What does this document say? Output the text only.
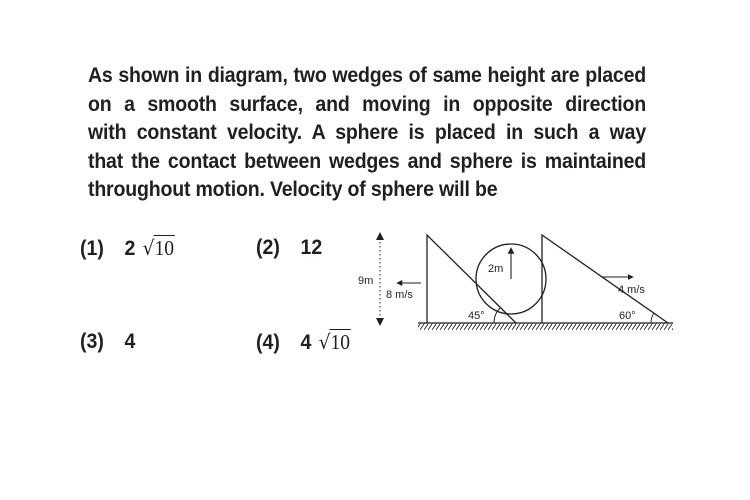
As shown in diagram, two wedges of same height are placed
on a smooth surface, and moving in opposite direction
with constant velocity. A sphere is placed in such a way
that the contact between wedges and sphere is maintained
throughout motion. Velocity of sphere will be
(1) 2 √10	(2) 12
(3) 4	(4) 4 √10
2m
9m
8 m/s	4 m/s
45°	60°
